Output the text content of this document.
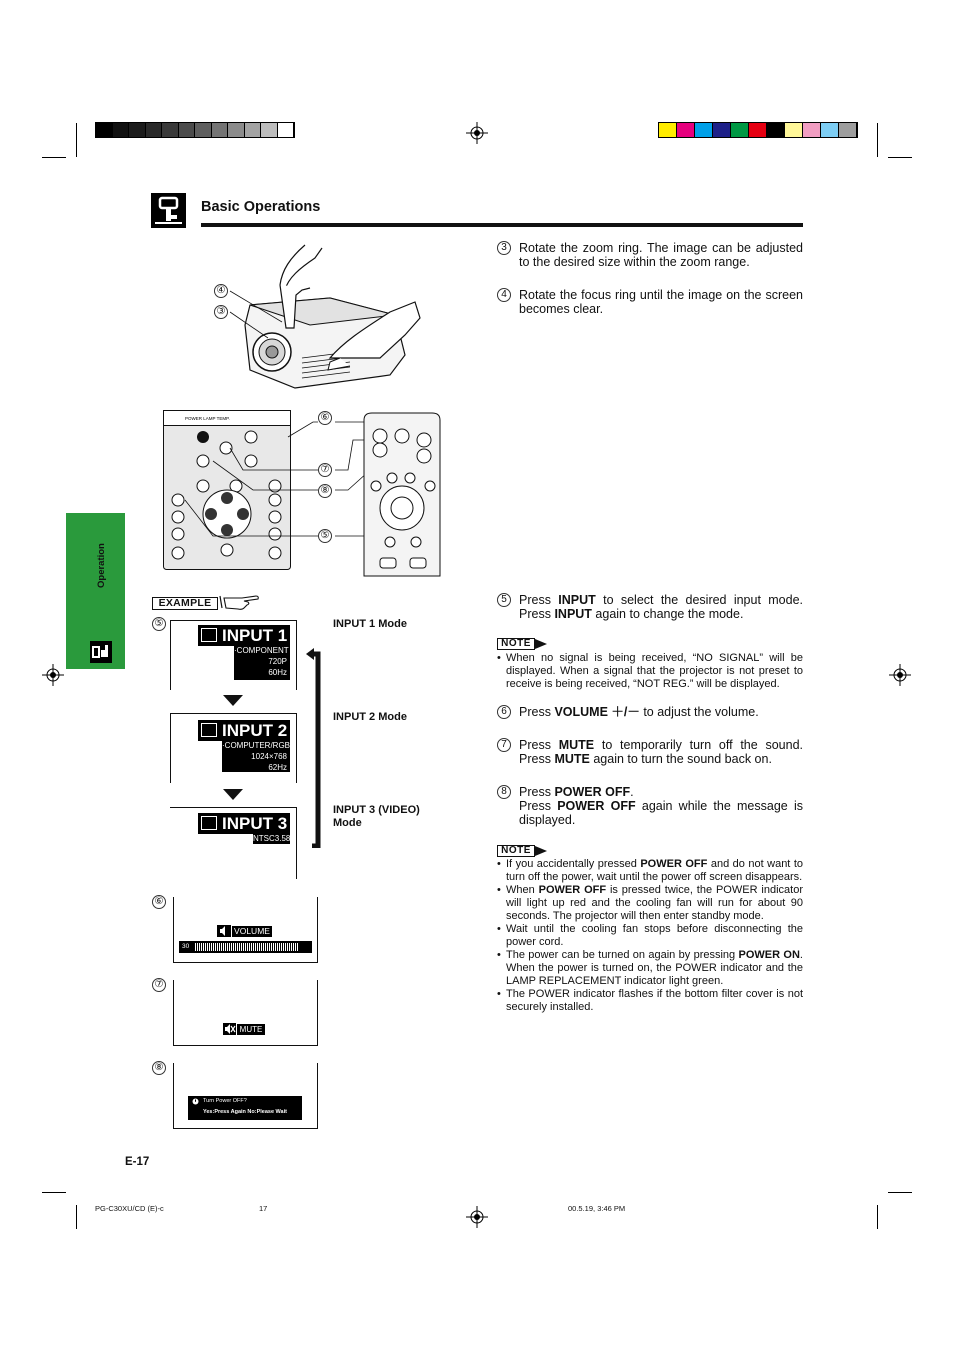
Basic Operations
Operation
④
③
POWER LAMP TEMP.	⑥
⑦
⑧
⑤
3 Rotate the zoom ring. The image can be adjusted to the desired size within the zoom range.
4 Rotate the focus ring until the image on the screen becomes clear.
5 Press INPUT to select the desired input mode. Press INPUT again to change the mode.
NOTE
• When no signal is being received, “NO SIGNAL” will be displayed. When a signal that the projector is not preset to receive is being received, “NOT REG.” will be displayed.
6 Press VOLUME ＋/－ to adjust the volume.
7 Press MUTE to temporarily turn off the sound. Press MUTE again to turn the sound back on.
8 Press POWER OFF.
Press POWER OFF again while the message is displayed.
NOTE
• If you accidentally pressed POWER OFF and do not want to turn off the power, wait until the power off screen disappears.
• When POWER OFF is pressed twice, the POWER indicator will light up red and the cooling fan will run for about 90 seconds. The projector will then enter standby mode.
• Wait until the cooling fan stops before disconnecting the power cord.
• The power can be turned on again by pressing POWER ON. When the power is turned on, the POWER indicator and the LAMP REPLACEMENT indicator light green.
• The POWER indicator flashes if the bottom filter cover is not securely installed.
EXAMPLE
⑤
INPUT 1
·COMPONENT
720P
60Hz
INPUT 1 Mode
INPUT 2
·COMPUTER/RGB
1024×768
62Hz
INPUT 2 Mode
INPUT 3
NTSC3.58
INPUT 3 (VIDEO)
Mode
⑥
VOLUME
30
⑦
MUTE
⑧
Turn Power OFF?
Yes:Press Again No:Please Wait
E-17
PG-C30XU/CD (E)-c	17	00.5.19, 3:46 PM
